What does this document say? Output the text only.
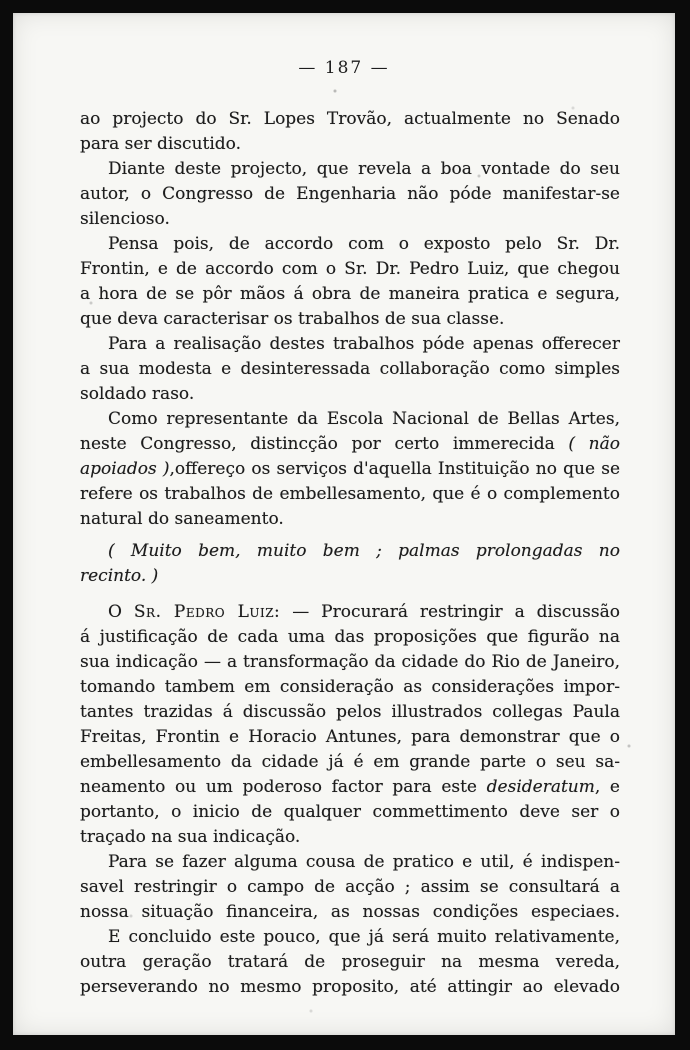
— 187 —
ao projecto do Sr. Lopes Trovão, actualmente no Senado
para ser discutido.
Diante deste projecto, que revela a boa vontade do seu
autor, o Congresso de Engenharia não póde manifestar-se
silencioso.
Pensa pois, de accordo com o exposto pelo Sr. Dr.
Frontin, e de accordo com o Sr. Dr. Pedro Luiz, que chegou
a hora de se pôr mãos á obra de maneira pratica e segura,
que deva caracterisar os trabalhos de sua classe.
Para a realisação destes trabalhos póde apenas offerecer
a sua modesta e desinteressada collaboração como simples
soldado raso.
Como representante da Escola Nacional de Bellas Artes,
neste Congresso, distincção por certo immerecida ( não
apoiados ),offereço os serviços d'aquella Instituição no que se
refere os trabalhos de embellesamento, que é o complemento
natural do saneamento.
( Muito bem, muito bem ; palmas prolongadas no
recinto. )
O Sr. Pedro Luiz: — Procurará restringir a discussão
á justificação de cada uma das proposições que figurão na
sua indicação — a transformação da cidade do Rio de Janeiro,
tomando tambem em consideração as considerações impor-
tantes trazidas á discussão pelos illustrados collegas Paula
Freitas, Frontin e Horacio Antunes, para demonstrar que o
embellesamento da cidade já é em grande parte o seu sa-
neamento ou um poderoso factor para este desideratum, e
portanto, o inicio de qualquer commettimento deve ser o
traçado na sua indicação.
Para se fazer alguma cousa de pratico e util, é indispen-
savel restringir o campo de acção ; assim se consultará a
nossa situação financeira, as nossas condições especiaes.
E concluido este pouco, que já será muito relativamente,
outra geração tratará de proseguir na mesma vereda,
perseverando no mesmo proposito, até attingir ao elevado
